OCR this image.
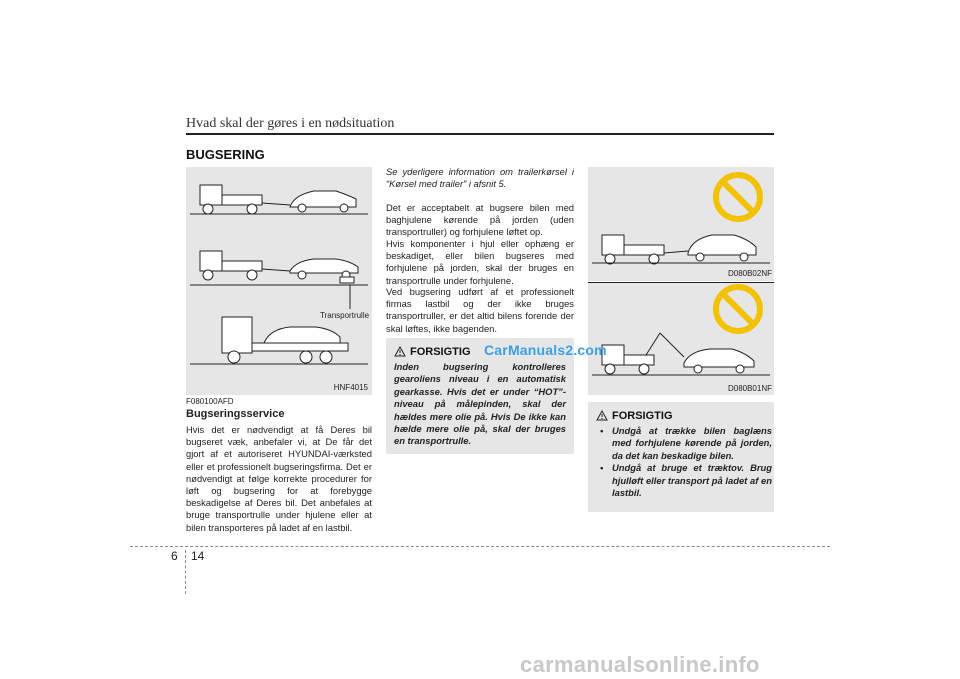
Hvad skal der gøres i en nødsituation
BUGSERING
Transportrulle
HNF4015
F080100AFD
Bugseringsservice
Hvis det er nødvendigt at få Deres bil bugseret væk, anbefaler vi, at De får det gjort af et autoriseret HYUNDAI-værksted eller et professionelt bugseringsfirma. Det er nødvendigt at følge korrekte procedurer for løft og bugsering for at forebygge beskadigelse af Deres bil. Det anbefales at bruge transportrulle under hjulene eller at bilen transporteres på ladet af en lastbil.
Se yderligere information om trailerkørsel i “Kørsel med trailer” i afsnit 5.
Det er acceptabelt at bugsere bilen med baghjulene kørende på jorden (uden transportruller) og forhjulene løftet op.
Hvis komponenter i hjul eller ophæng er beskadiget, eller bilen bugseres med forhjulene på jorden, skal der bruges en transportrulle under forhjulene.
Ved bugsering udført af et professionelt firmas lastbil og der ikke bruges transportruller, er det altid bilens forende der skal løftes, ikke bagenden.
FORSIGTIG
Inden bugsering kontrolleres gearoliens niveau i en automatisk gearkasse. Hvis det er under “HOT”-niveau på målepinden, skal der hældes mere olie på. Hvis De ikke kan hælde mere olie på, skal der bruges en transportrulle.
D080B02NF
D080B01NF
FORSIGTIG
• Undgå at trække bilen baglæns med forhjulene kørende på jorden, da det kan beskadige bilen.
• Undgå at bruge et træktov. Brug hjulløft eller transport på ladet af en lastbil.
CarManuals2.com
6 14
carmanualsonline.info
